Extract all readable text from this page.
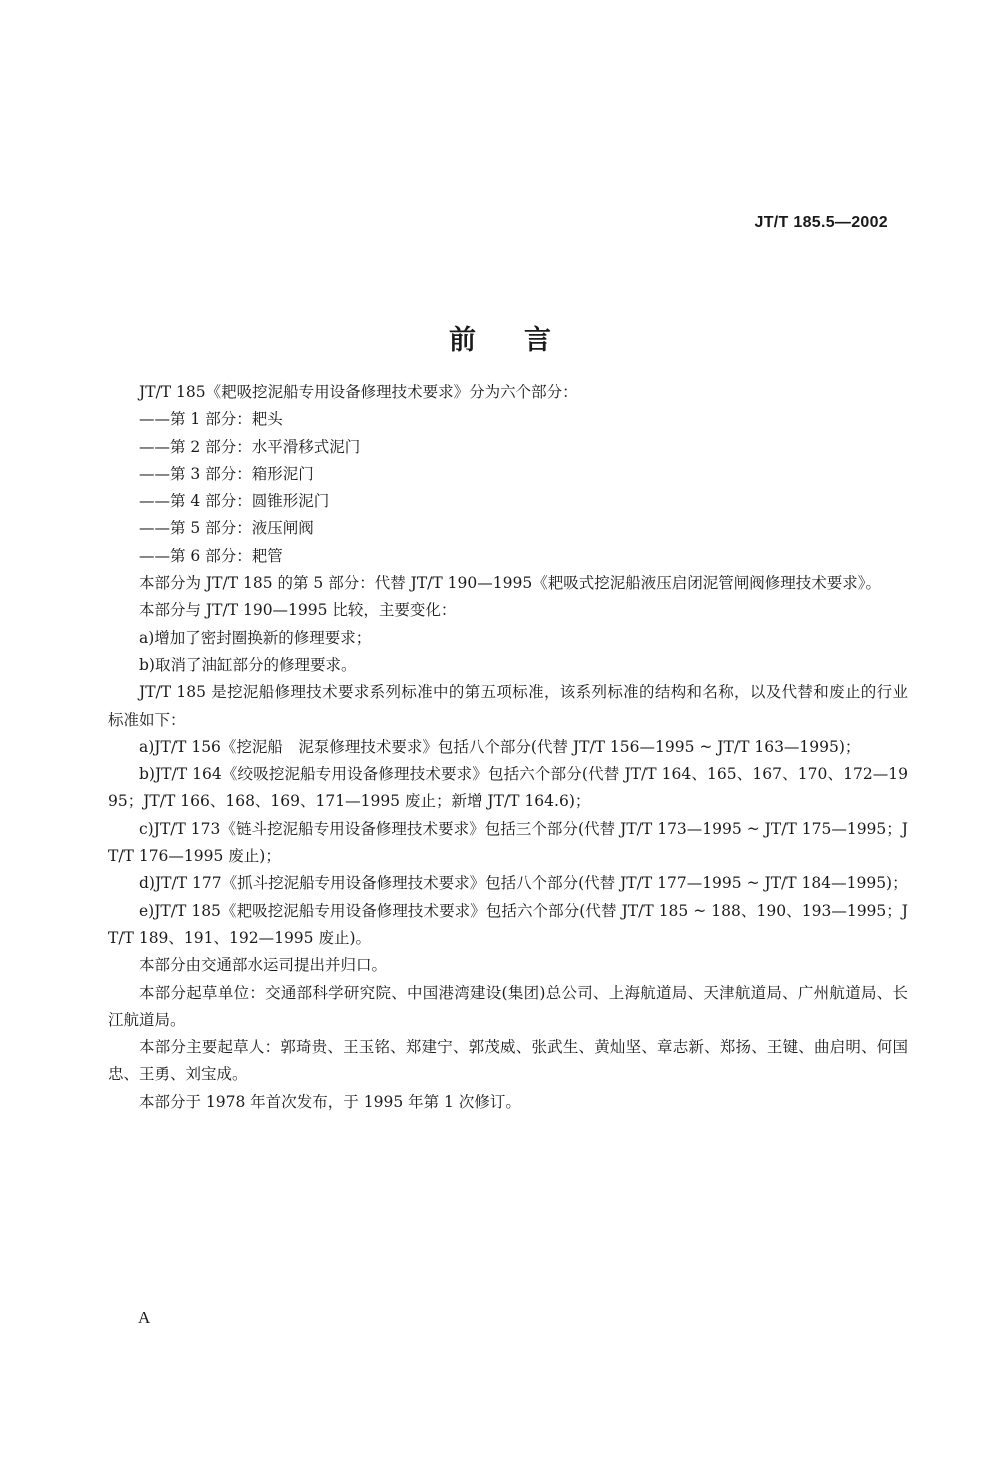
JT/T 185.5—2002
前言

JT/T 185《耙吸挖泥船专用设备修理技术要求》分为六个部分：

——第 1 部分：耙头

——第 2 部分：水平滑移式泥门

——第 3 部分：箱形泥门

——第 4 部分：圆锥形泥门

——第 5 部分：液压闸阀

——第 6 部分：耙管

本部分为 JT/T 185 的第 5 部分：代替 JT/T 190—1995《耙吸式挖泥船液压启闭泥管闸阀修理技术要求》。

本部分与 JT/T 190—1995 比较，主要变化：

a)增加了密封圈换新的修理要求；

b)取消了油缸部分的修理要求。

JT/T 185 是挖泥船修理技术要求系列标准中的第五项标准，该系列标准的结构和名称，以及代替和废止的行业标准如下：

a)JT/T 156《挖泥船　泥泵修理技术要求》包括八个部分(代替 JT/T 156—1995 ~ JT/T 163—1995)；

b)JT/T 164《绞吸挖泥船专用设备修理技术要求》包括六个部分(代替 JT/T 164、165、167、170、172—1995；JT/T 166、168、169、171—1995 废止；新增 JT/T 164.6)；

c)JT/T 173《链斗挖泥船专用设备修理技术要求》包括三个部分(代替 JT/T 173—1995 ~ JT/T 175—1995；JT/T 176—1995 废止)；

d)JT/T 177《抓斗挖泥船专用设备修理技术要求》包括八个部分(代替 JT/T 177—1995 ~ JT/T 184—1995)；

e)JT/T 185《耙吸挖泥船专用设备修理技术要求》包括六个部分(代替 JT/T 185 ~ 188、190、193—1995；JT/T 189、191、192—1995 废止)。

本部分由交通部水运司提出并归口。

本部分起草单位：交通部科学研究院、中国港湾建设(集团)总公司、上海航道局、天津航道局、广州航道局、长江航道局。

本部分主要起草人：郭琦贵、王玉铭、郑建宁、郭茂威、张武生、黄灿坚、章志新、郑扬、王键、曲启明、何国忠、王勇、刘宝成。

本部分于 1978 年首次发布，于 1995 年第 1 次修订。

A
